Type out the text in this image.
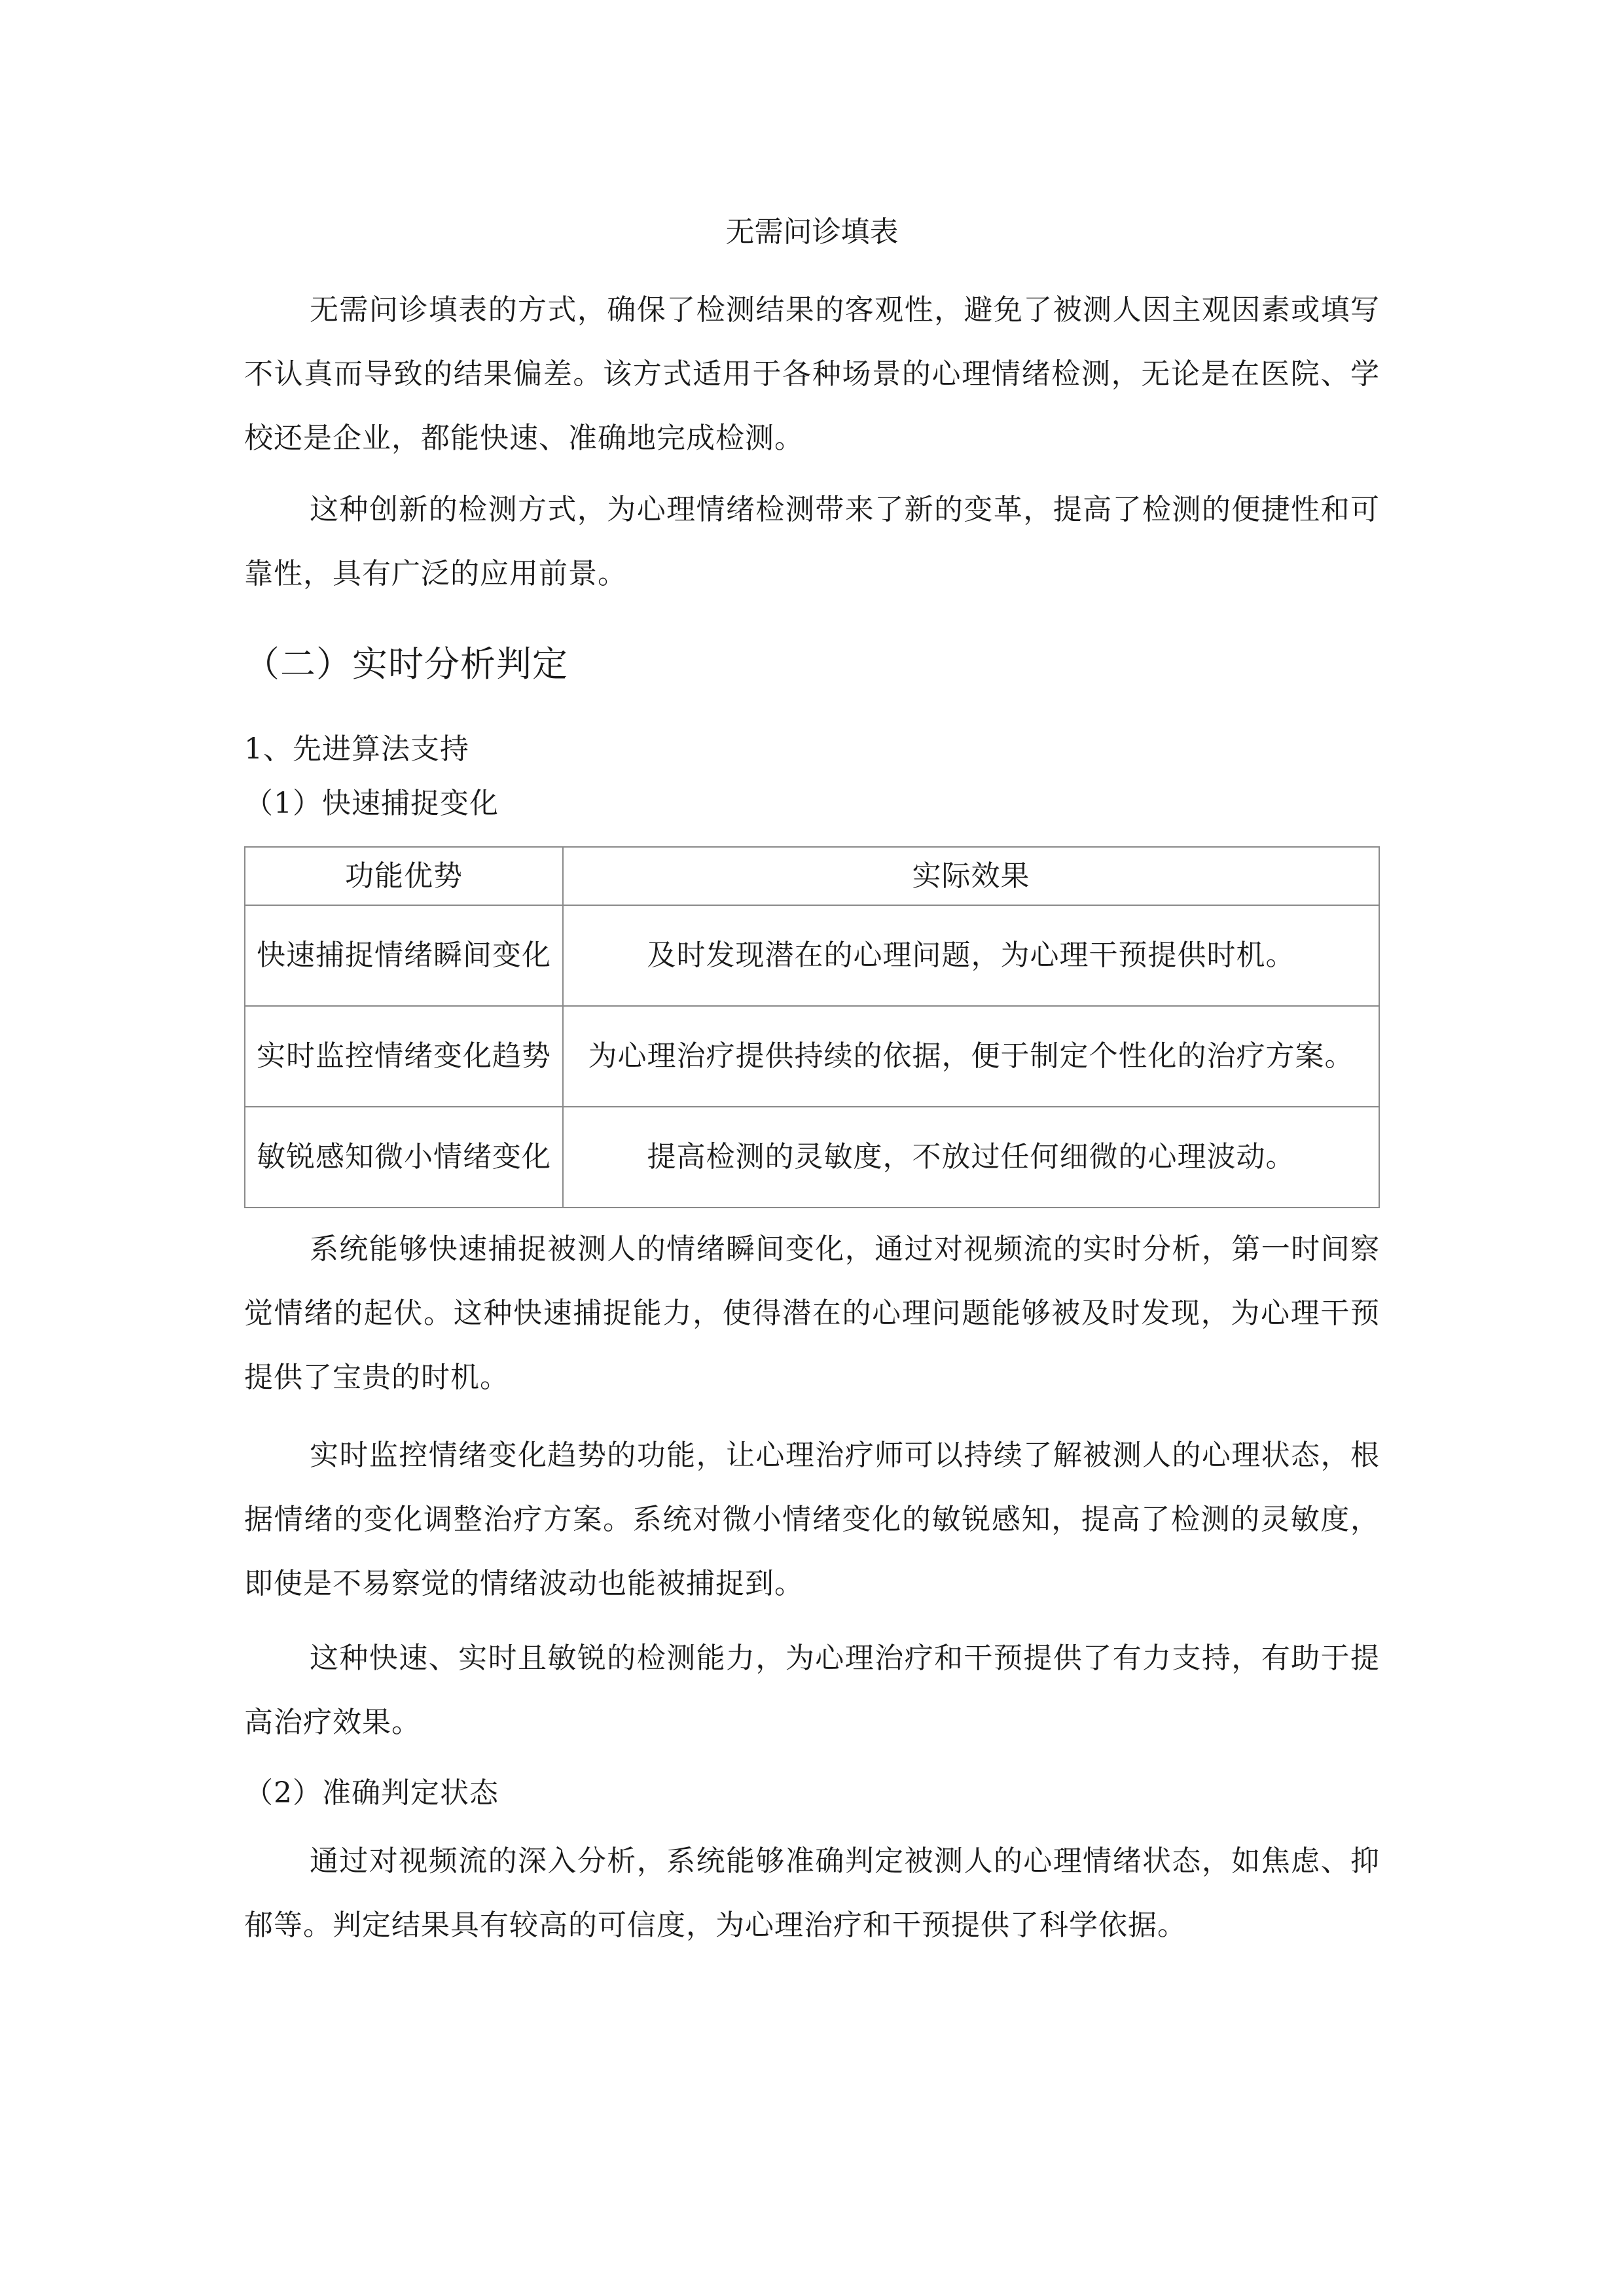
无需问诊填表

无需问诊填表的方式，确保了检测结果的客观性，避免了被测人因主观因素或填写不认真而导致的结果偏差。该方式适用于各种场景的心理情绪检测，无论是在医院、学校还是企业，都能快速、准确地完成检测。

这种创新的检测方式，为心理情绪检测带来了新的变革，提高了检测的便捷性和可靠性，具有广泛的应用前景。

（二）实时分析判定
1、先进算法支持
（1）快速捕捉变化
功能优势	实际效果
快速捕捉情绪瞬间变化	及时发现潜在的心理问题，为心理干预提供时机。
实时监控情绪变化趋势	为心理治疗提供持续的依据，便于制定个性化的治疗方案。
敏锐感知微小情绪变化	提高检测的灵敏度，不放过任何细微的心理波动。

系统能够快速捕捉被测人的情绪瞬间变化，通过对视频流的实时分析，第一时间察觉情绪的起伏。这种快速捕捉能力，使得潜在的心理问题能够被及时发现，为心理干预提供了宝贵的时机。

实时监控情绪变化趋势的功能，让心理治疗师可以持续了解被测人的心理状态，根据情绪的变化调整治疗方案。系统对微小情绪变化的敏锐感知，提高了检测的灵敏度，即使是不易察觉的情绪波动也能被捕捉到。

这种快速、实时且敏锐的检测能力，为心理治疗和干预提供了有力支持，有助于提高治疗效果。

（2）准确判定状态

通过对视频流的深入分析，系统能够准确判定被测人的心理情绪状态，如焦虑、抑郁等。判定结果具有较高的可信度，为心理治疗和干预提供了科学依据。
